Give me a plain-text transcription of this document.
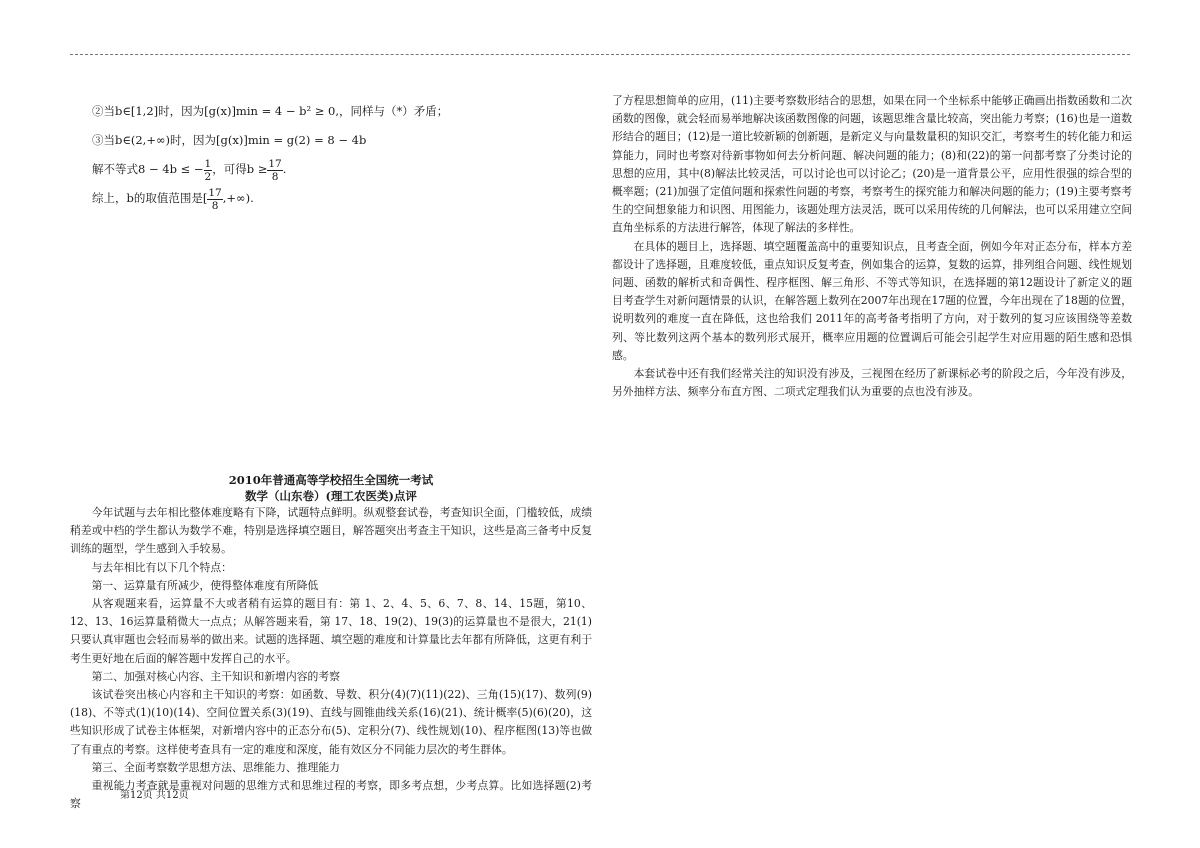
②当b∈[1,2]时，因为[g(x)]min = 4 − b² ≥ 0,，同样与（*）矛盾；

③当b∈(2,+∞)时，因为[g(x)]min = g(2) = 8 − 4b

解不等式8 − 4b ≤ − $\frac{1}{2}$ ，可得$b \ge \frac{17}{8}$ .

综上，b的取值范围是[ $\frac{17}{8}$ ,+∞).

了方程思想简单的应用，(11)主要考察数形结合的思想，如果在同一个坐标系中能够正确画出指数函数和二次函数的图像，就会轻而易举地解决该函数图像的问题，该题思维含量比较高，突出能力考察；(16)也是一道数形结合的题目；(12)是一道比较新颖的创新题，是新定义与向量数量积的知识交汇，考察考生的转化能力和运算能力，同时也考察对待新事物如何去分析问题、解决问题的能力；(8)和(22)的第一问都考察了分类讨论的思想的应用，其中(8)解法比较灵活，可以讨论也可以讨论乙；(20)是一道背景公平，应用性很强的综合型的概率题；(21)加强了定值问题和探索性问题的考察，考察考生的探究能力和解决问题的能力；(19)主要考察考生的空间想象能力和识图、用图能力，该题处理方法灵活，既可以采用传统的几何解法，也可以采用建立空间直角坐标系的方法进行解答，体现了解法的多样性。

在具体的题目上，选择题、填空题覆盖高中的重要知识点，且考查全面，例如今年对正态分布，样本方差都设计了选择题，且难度较低，重点知识反复考查，例如集合的运算，复数的运算，排列组合问题、线性规划问题、函数的解析式和奇偶性、程序框图、解三角形、不等式等知识，在选择题的第12题设计了新定义的题目考查学生对新问题情景的认识，在解答题上数列在2007年出现在17题的位置，今年出现在了18题的位置，说明数列的难度一直在降低，这也给我们 2011年的高考备考指明了方向，对于数列的复习应该围绕等差数列、等比数列这两个基本的数列形式展开，概率应用题的位置调后可能会引起学生对应用题的陌生感和恐惧感。

本套试卷中还有我们经常关注的知识没有涉及，三视图在经历了新课标必考的阶段之后，今年没有涉及，另外抽样方法、频率分布直方图、二项式定理我们认为重要的点也没有涉及。

2010年普通高等学校招生全国统一考试
数学（山东卷）(理工农医类)点评

今年试题与去年相比整体难度略有下降，试题特点鲜明。纵观整套试卷，考查知识全面，门槛较低，成绩稍差或中档的学生都认为数学不难，特别是选择填空题目，解答题突出考查主干知识，这些是高三备考中反复训练的题型，学生感到入手较易。

与去年相比有以下几个特点：

第一、运算量有所减少，使得整体难度有所降低

从客观题来看，运算量不大或者稍有运算的题目有：第 1、2、4、5、6、7、8、14、15题，第10、12、13、16运算量稍微大一点点；从解答题来看，第 17、18、19(2)、19(3)的运算量也不是很大，21(1)只要认真审题也会轻而易举的做出来。试题的选择题、填空题的难度和计算量比去年都有所降低，这更有利于考生更好地在后面的解答题中发挥自己的水平。

第二、加强对核心内容、主干知识和新增内容的考察

该试卷突出核心内容和主干知识的考察：如函数、导数、积分(4)(7)(11)(22)、三角(15)(17)、数列(9)(18)、不等式(1)(10)(14)、空间位置关系(3)(19)、直线与圆锥曲线关系(16)(21)、统计概率(5)(6)(20)，这些知识形成了试卷主体框架，对新增内容中的正态分布(5)、定积分(7)、线性规划(10)、程序框图(13)等也做了有重点的考察。这样使考查具有一定的难度和深度，能有效区分不同能力层次的考生群体。

第三、全面考察数学思想方法、思维能力、推理能力

重视能力考查就是重视对问题的思维方式和思维过程的考察，即多考点想，少考点算。比如选择题(2)考察

第12页 共12页
